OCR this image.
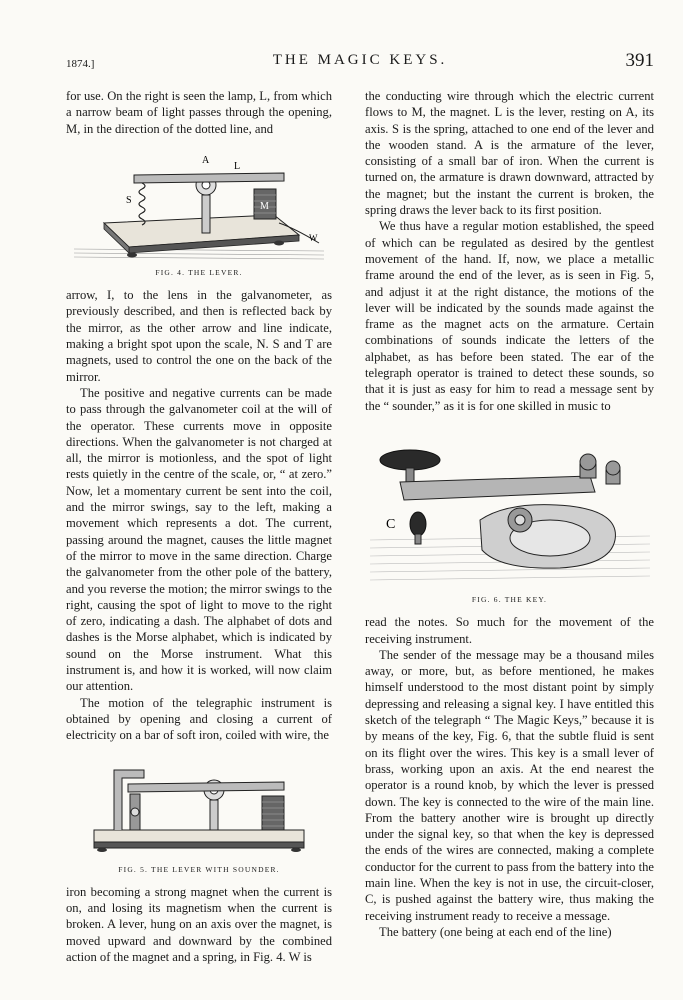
1874.]	THE MAGIC KEYS.	391

for use. On the right is seen the lamp, L, from which a narrow beam of light passes through the opening, M, in the direction of the dotted line, and

A
L
S
M
W
FIG. 4. THE LEVER.

arrow, I, to the lens in the galvanometer, as previously described, and then is reflected back by the mirror, as the other arrow and line indicate, making a bright spot upon the scale, N. S and T are magnets, used to control the one on the back of the mirror.

The positive and negative currents can be made to pass through the galvanometer coil at the will of the operator. These currents move in opposite directions. When the galvanometer is not charged at all, the mirror is motionless, and the spot of light rests quietly in the centre of the scale, or, “ at zero.” Now, let a momentary current be sent into the coil, and the mirror swings, say to the left, making a movement which represents a dot. The current, passing around the magnet, causes the little magnet of the mirror to move in the same direction. Charge the galvanometer from the other pole of the battery, and you reverse the motion; the mirror swings to the right, causing the spot of light to move to the right of zero, indicating a dash. The alphabet of dots and dashes is the Morse alphabet, which is indicated by sound on the Morse instrument. What this instrument is, and how it is worked, will now claim our attention.

The motion of the telegraphic instrument is obtained by opening and closing a current of electricity on a bar of soft iron, coiled with wire, the

FIG. 5. THE LEVER WITH SOUNDER.

iron becoming a strong magnet when the current is on, and losing its magnetism when the current is broken. A lever, hung on an axis over the magnet, is moved upward and downward by the combined action of the magnet and a spring, in Fig. 4. W is

the conducting wire through which the electric current flows to M, the magnet. L is the lever, resting on A, its axis. S is the spring, attached to one end of the lever and the wooden stand. A is the armature of the lever, consisting of a small bar of iron. When the current is turned on, the armature is drawn downward, attracted by the magnet; but the instant the current is broken, the spring draws the lever back to its first position.

We thus have a regular motion established, the speed of which can be regulated as desired by the gentlest movement of the hand. If, now, we place a metallic frame around the end of the lever, as is seen in Fig. 5, and adjust it at the right distance, the motions of the lever will be indicated by the sounds made against the frame as the magnet acts on the armature. Certain combinations of sounds indicate the letters of the alphabet, as has before been stated. The ear of the telegraph operator is trained to detect these sounds, so that it is just as easy for him to read a message sent by the “ sounder,” as it is for one skilled in music to

C
FIG. 6. THE KEY.

read the notes. So much for the movement of the receiving instrument.

The sender of the message may be a thousand miles away, or more, but, as before mentioned, he makes himself understood to the most distant point by simply depressing and releasing a signal key. I have entitled this sketch of the telegraph “ The Magic Keys,” because it is by means of the key, Fig. 6, that the subtle fluid is sent on its flight over the wires. This key is a small lever of brass, working upon an axis. At the end nearest the operator is a round knob, by which the lever is pressed down. The key is connected to the wire of the main line. From the battery another wire is brought up directly under the signal key, so that when the key is depressed the ends of the wires are connected, making a complete conductor for the current to pass from the battery into the main line. When the key is not in use, the circuit-closer, C, is pushed against the battery wire, thus making the receiving instrument ready to receive a message.

The battery (one being at each end of the line)
